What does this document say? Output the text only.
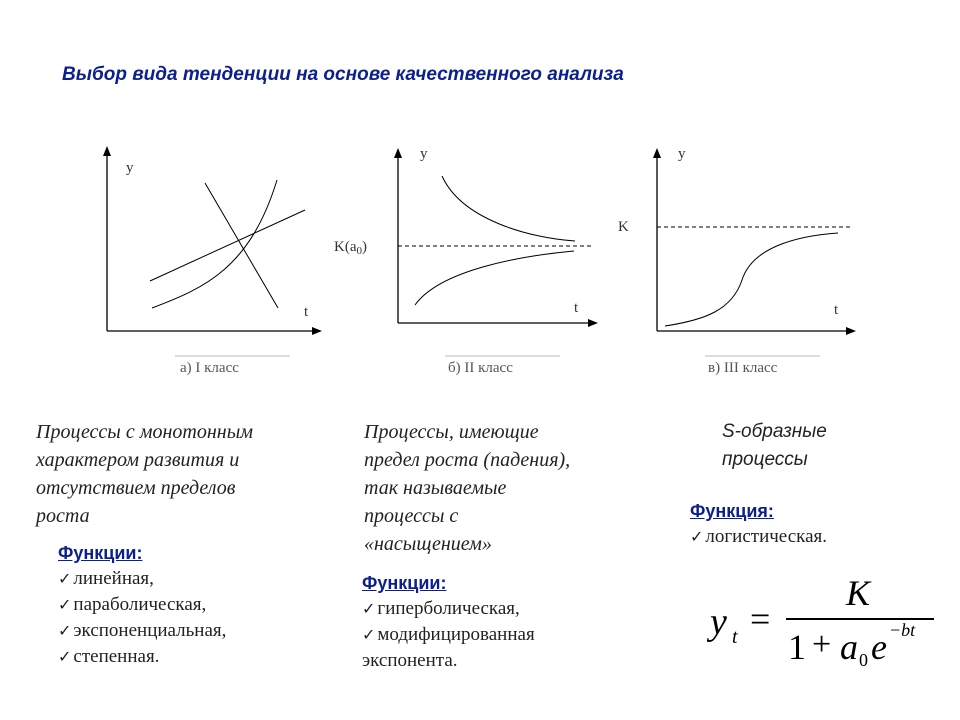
Выбор вида тенденции на основе качественного анализа
y
t
а) I класс
y
t
$K(a_0)$
б) II класс
y
t
K
в) III класс
Процессы с монотонным
характером развития и
отсутствием пределов
роста
Функции:
✓ линейная,
✓ параболическая,
✓ экспоненциальная,
✓ степенная.
Процессы, имеющие
предел роста (падения),
так называемые
процессы с
«насыщением»
Функции:
✓ гиперболическая,
✓ модифицированная
экспонента.
S-образные
процессы
Функция:
✓ логистическая.
y t =
K
1 + a 0 e −bt
